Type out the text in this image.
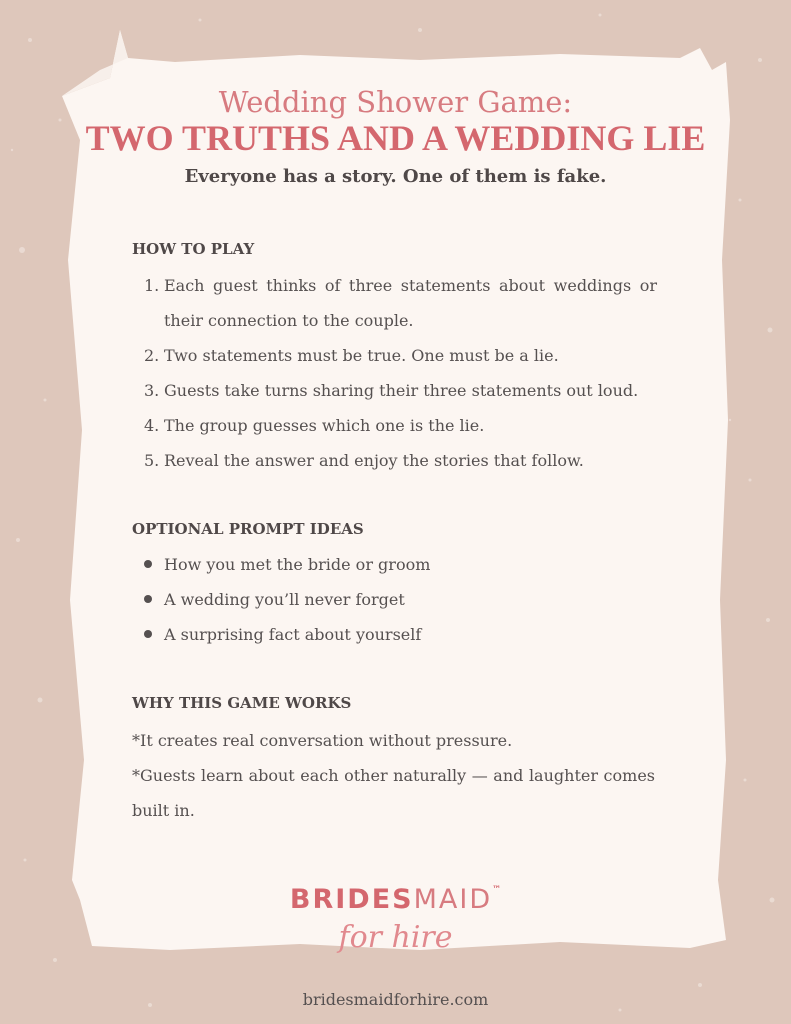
Wedding Shower Game:
TWO TRUTHS AND A WEDDING LIE
Everyone has a story. One of them is fake.
HOW TO PLAY
1. Each guest thinks of three statements about weddings or their connection to the couple.
2. Two statements must be true. One must be a lie.
3. Guests take turns sharing their three statements out loud.
4. The group guesses which one is the lie.
5. Reveal the answer and enjoy the stories that follow.
OPTIONAL PROMPT IDEAS
How you met the bride or groom
A wedding you’ll never forget
A surprising fact about yourself
WHY THIS GAME WORKS

*It creates real conversation without pressure.

*Guests learn about each other naturally — and laughter comes built in.

BRIDESMAID™
for hire
bridesmaidforhire.com
